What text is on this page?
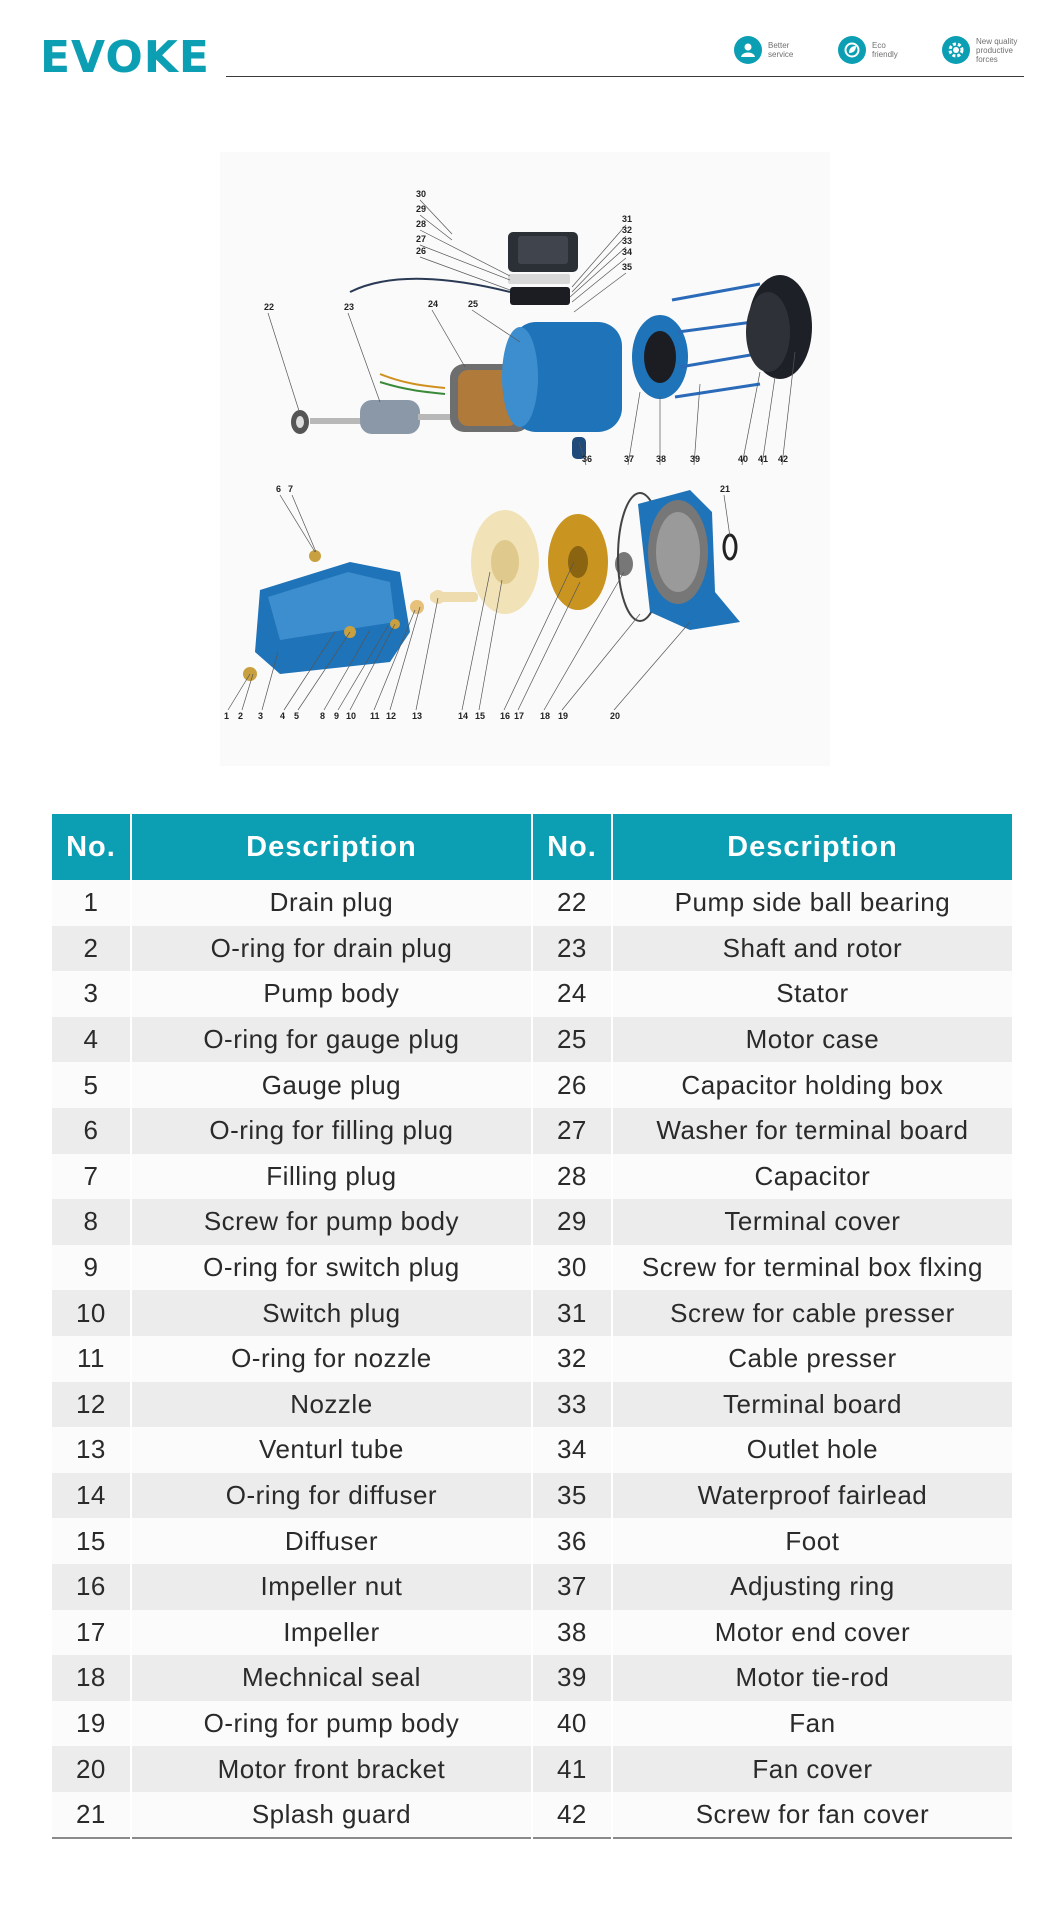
EVOKE	Better
service
Eco
friendly
New quality
productive forces
1 2 3 4 5
6 7
8 9 10 11 12 13	14 15 16 17 18 19	20
21
22	23	24	25
26
27
28
29
30
31
32
33
34
35
36	37 38	39	40 41 42
No.	Description	No.	Description
1	Drain plug	22	Pump side ball bearing
2	O-ring for drain plug	23	Shaft and rotor
3	Pump body	24	Stator
4	O-ring for gauge plug	25	Motor case
5	Gauge plug	26	Capacitor holding box
6	O-ring for filling plug	27	Washer for terminal board
7	Filling plug	28	Capacitor
8	Screw for pump body	29	Terminal cover
9	O-ring for switch plug	30	Screw for terminal box flxing
10	Switch plug	31	Screw for cable presser
11	O-ring for nozzle	32	Cable presser
12	Nozzle	33	Terminal board
13	Venturl tube	34	Outlet hole
14	O-ring for diffuser	35	Waterproof fairlead
15	Diffuser	36	Foot
16	Impeller nut	37	Adjusting ring
17	Impeller	38	Motor end cover
18	Mechnical seal	39	Motor tie-rod
19	O-ring for pump body	40	Fan
20	Motor front bracket	41	Fan cover
21	Splash guard	42	Screw for fan cover
